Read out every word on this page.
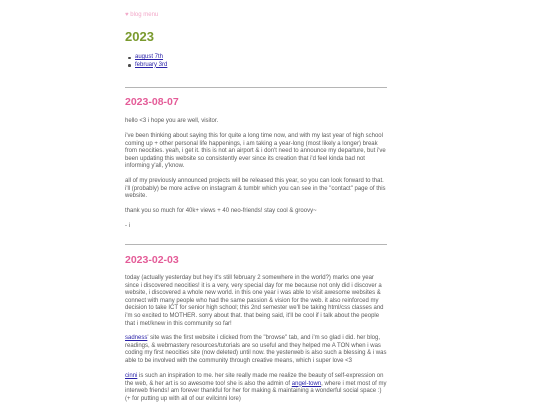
♥ blog menu
2023
august 7th
february 3rd
2023-08-07

hello <3 i hope you are well, visitor.

i've been thinking about saying this for quite a long time now, and with my last year of high school coming up + other personal life happenings, i am taking a year-long (most likely a longer) break from neocities. yeah, i get it. this is not an airport & i don't need to announce my departure, but i've been updating this website so consistently ever since its creation that i'd feel kinda bad not informing y'all, y'know.

all of my previously announced projects will be released this year, so you can look forward to that. i'll (probably) be more active on instagram & tumblr which you can see in the "contact" page of this website.

thank you so much for 40k+ views + 40 neo-friends! stay cool & groovy~

- i

2023-02-03

today (actually yesterday but hey it's still february 2 somewhere in the world?) marks one year since i discovered neocities! it is a very, very special day for me because not only did i discover a website, i discovered a whole new world. in this one year i was able to visit awesome websites & connect with many people who had the same passion & vision for the web. it also reinforced my decision to take ICT for senior high school; this 2nd semester we'll be taking html/css classes and i'm so excited to MOTHER. sorry about that. that being said, it'll be cool if i talk about the people that i met/knew in this community so far!

sadness' site was the first website i clicked from the "browse" tab, and i'm so glad i did. her blog, readings, & webmastery resources/tutorials are so useful and they helped me A TON when i was coding my first neocities site (now deleted) until now. the yesterweb is also such a blessing & i was able to be involved with the community through creative means, which i super love <3

cinni is such an inspiration to me. her site really made me realize the beauty of self-expression on the web, & her art is so awesome too! she is also the admin of angel-town, where i met most of my interweb friends! am forever thankful for her for making & maintaining a wonderful social space :) (+ for putting up with all of our evilcinni lore)
